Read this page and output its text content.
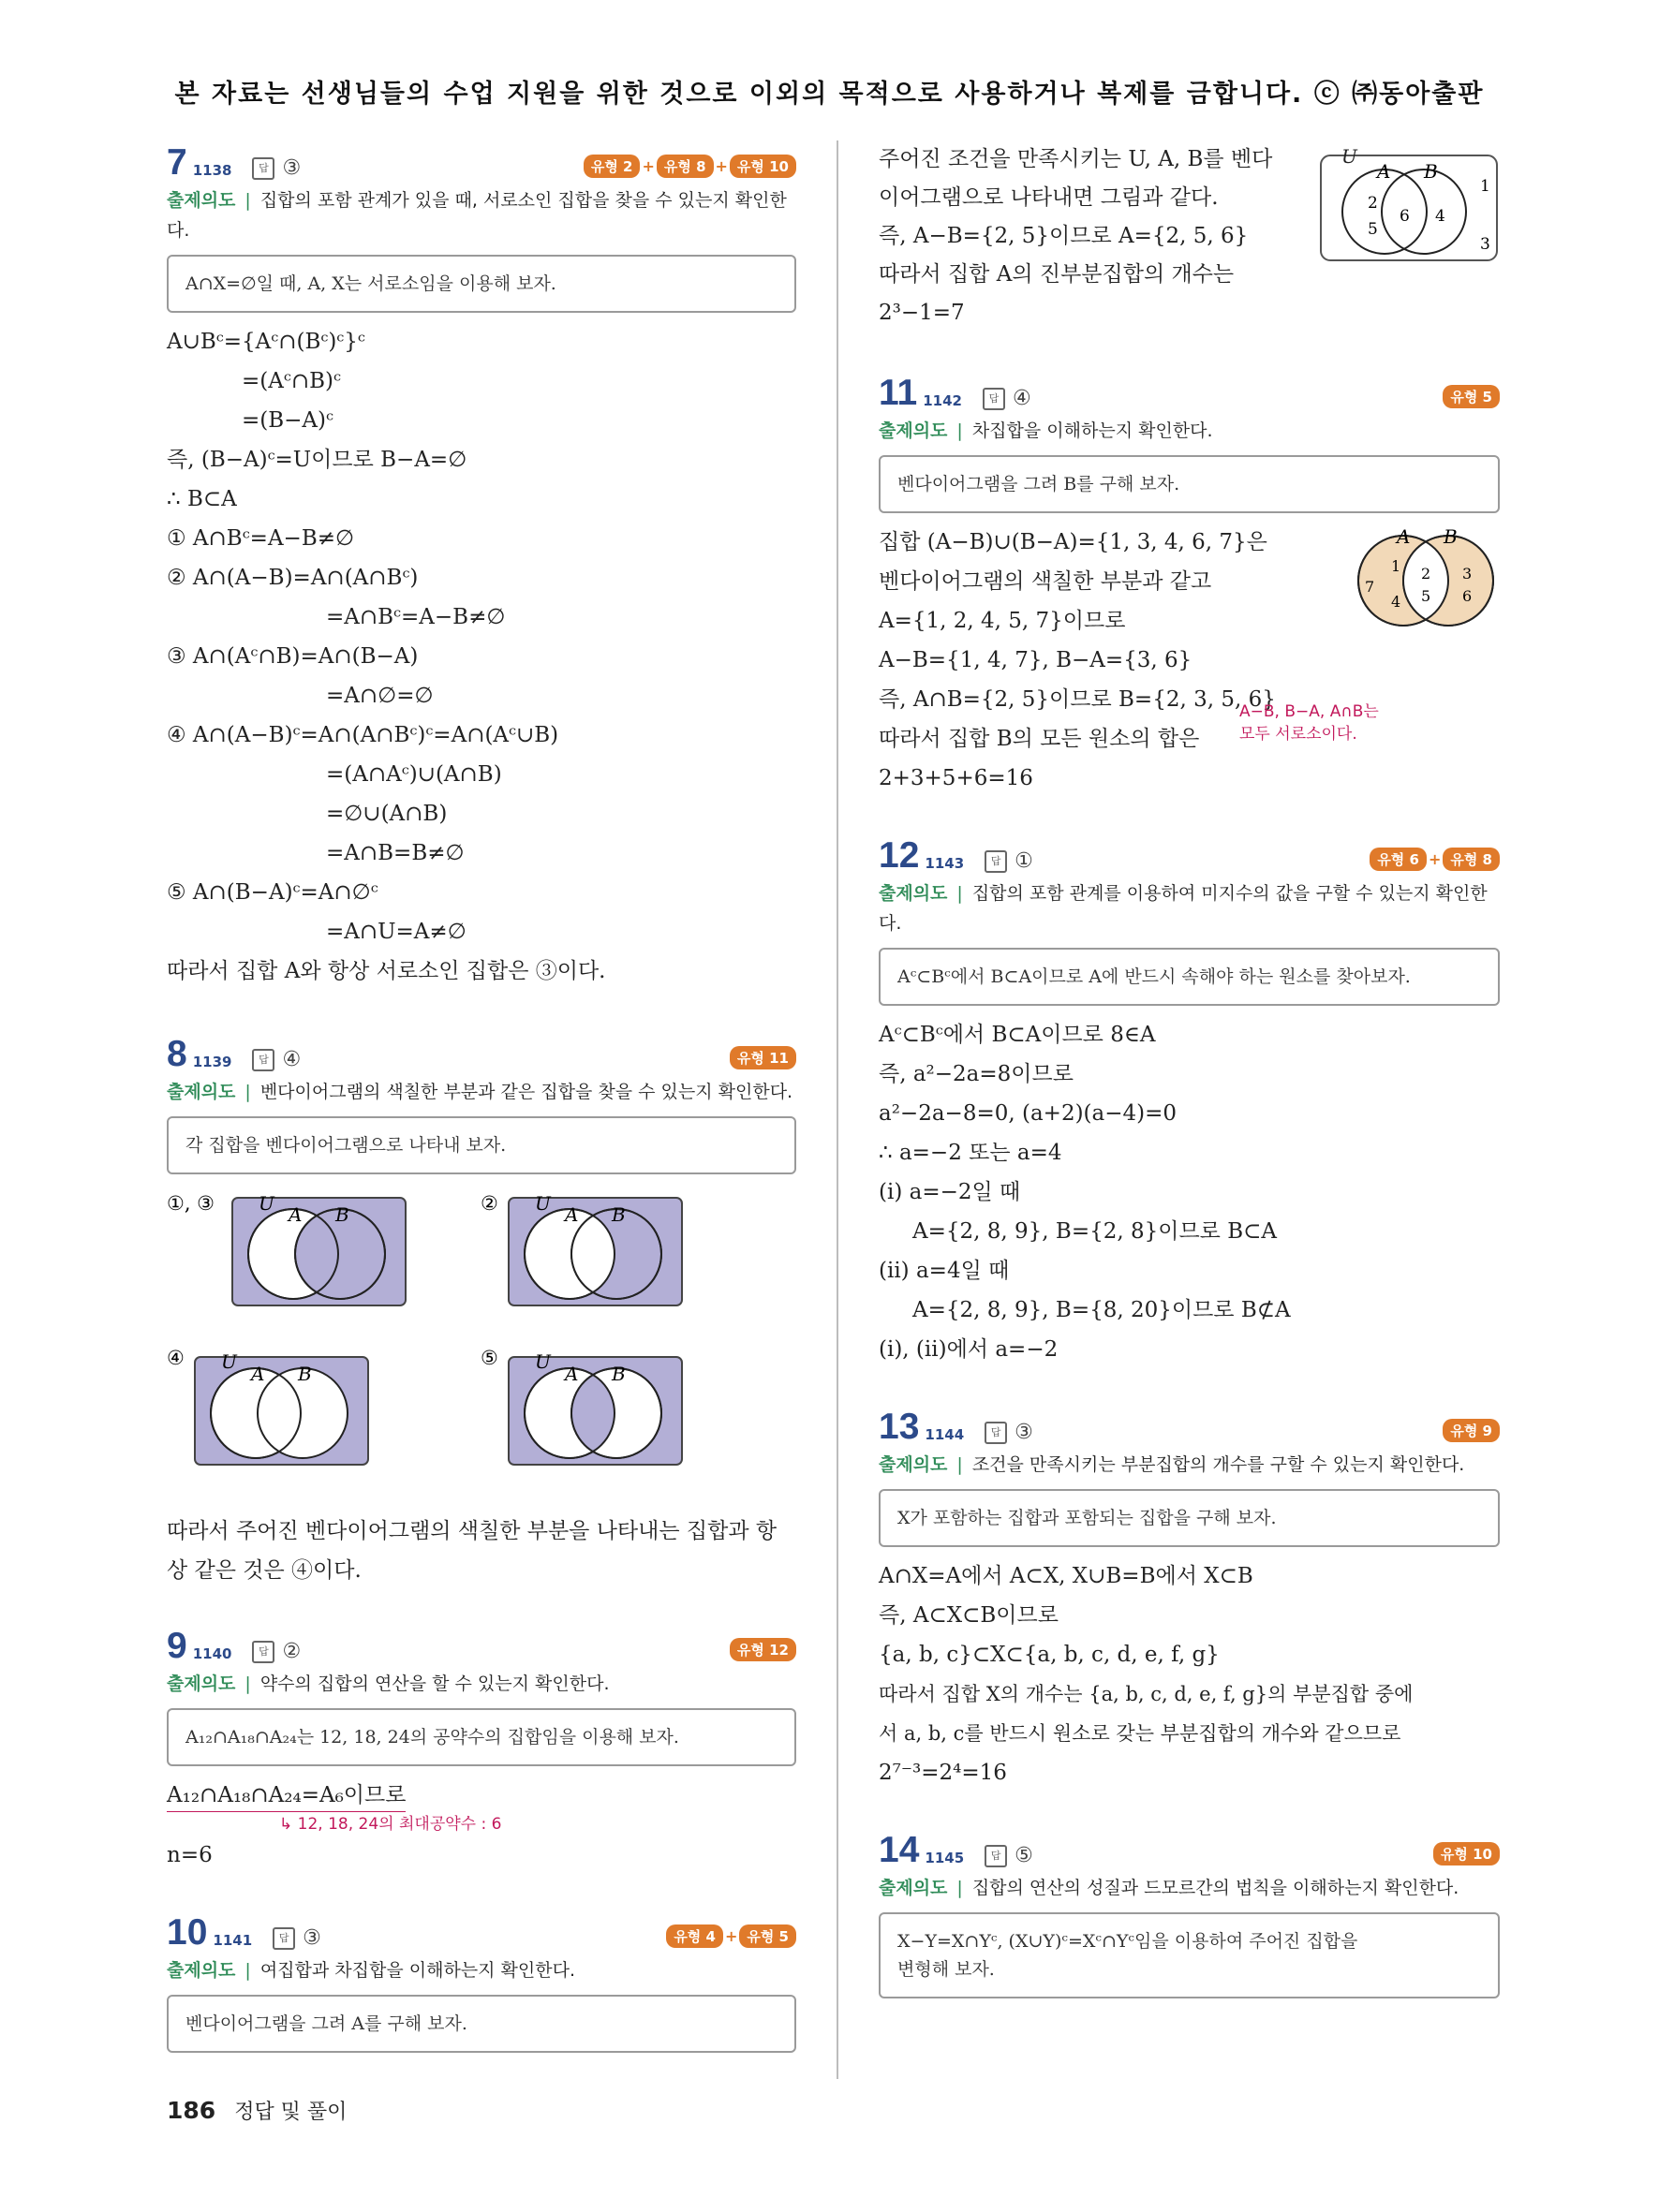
본 자료는 선생님들의 수업 지원을 위한 것으로 이외의 목적으로 사용하거나 복제를 금합니다. ⓒ ㈜동아출판
7 1138	답 ③	유형 2 + 유형 8 + 유형 10
출제의도 | 집합의 포함 관계가 있을 때, 서로소인 집합을 찾을 수 있는지 확인한다.
A∩X=∅일 때, A, X는 서로소임을 이용해 보자.
A∪Bᶜ={Aᶜ∩(Bᶜ)ᶜ}ᶜ
=(Aᶜ∩B)ᶜ
=(B−A)ᶜ
즉, (B−A)ᶜ=U이므로 B−A=∅
∴ B⊂A
① A∩Bᶜ=A−B≠∅
② A∩(A−B)=A∩(A∩Bᶜ)
=A∩Bᶜ=A−B≠∅
③ A∩(Aᶜ∩B)=A∩(B−A)
=A∩∅=∅
④ A∩(A−B)ᶜ=A∩(A∩Bᶜ)ᶜ=A∩(Aᶜ∪B)
=(A∩Aᶜ)∪(A∩B)
=∅∪(A∩B)
=A∩B=B≠∅
⑤ A∩(B−A)ᶜ=A∩∅ᶜ
=A∩U=A≠∅
따라서 집합 A와 항상 서로소인 집합은 ③이다.
8 1139	답 ④	유형 11
출제의도 | 벤다이어그램의 색칠한 부분과 같은 집합을 찾을 수 있는지 확인한다.
각 집합을 벤다이어그램으로 나타내 보자.
①, ③ U A B	② U A B
④ U
A B
⑤ U
A B
따라서 주어진 벤다이어그램의 색칠한 부분을 나타내는 집합과 항
상 같은 것은 ④이다.
9 1140	답 ②	유형 12
출제의도 | 약수의 집합의 연산을 할 수 있는지 확인한다.
A₁₂∩A₁₈∩A₂₄는 12, 18, 24의 공약수의 집합임을 이용해 보자.
A₁₂∩A₁₈∩A₂₄=A₆이므로
↳ 12, 18, 24의 최대공약수 : 6
n=6
10 1141	답 ③	유형 4 + 유형 5
출제의도 | 여집합과 차집합을 이해하는지 확인한다.
벤다이어그램을 그려 A를 구해 보자.
주어진 조건을 만족시키는 U, A, B를 벤다
이어그램으로 나타내면 그림과 같다.
즉, A−B={2, 5}이므로 A={2, 5, 6}
따라서 집합 A의 진부분집합의 개수는
2³−1=7
U
A B
2
5
6 4
1
3
11 1142	답 ④	유형 5
출제의도 | 차집합을 이해하는지 확인한다.
벤다이어그램을 그려 B를 구해 보자.
집합 (A−B)∪(B−A)={1, 3, 4, 6, 7}은
벤다이어그램의 색칠한 부분과 같고
A={1, 2, 4, 5, 7}이므로
A−B={1, 4, 7}, B−A={3, 6}
즉, A∩B={2, 5}이므로 B={2, 3, 5, 6}
따라서 집합 B의 모든 원소의 합은
2+3+5+6=16
A−B, B−A, A∩B는
모두 서로소이다.
A B
1
7
4
2
5
3
6
12 1143	답 ①	유형 6 + 유형 8
출제의도 | 집합의 포함 관계를 이용하여 미지수의 값을 구할 수 있는지 확인한다.
Aᶜ⊂Bᶜ에서 B⊂A이므로 A에 반드시 속해야 하는 원소를 찾아보자.
Aᶜ⊂Bᶜ에서 B⊂A이므로 8∈A
즉, a²−2a=8이므로
a²−2a−8=0, (a+2)(a−4)=0
∴ a=−2 또는 a=4
(ⅰ) a=−2일 때
A={2, 8, 9}, B={2, 8}이므로 B⊂A
(ⅱ) a=4일 때
A={2, 8, 9}, B={8, 20}이므로 B⊄A
(ⅰ), (ⅱ)에서 a=−2
13 1144	답 ③	유형 9
출제의도 | 조건을 만족시키는 부분집합의 개수를 구할 수 있는지 확인한다.
X가 포함하는 집합과 포함되는 집합을 구해 보자.
A∩X=A에서 A⊂X, X∪B=B에서 X⊂B
즉, A⊂X⊂B이므로
{a, b, c}⊂X⊂{a, b, c, d, e, f, g}
따라서 집합 X의 개수는 {a, b, c, d, e, f, g}의 부분집합 중에
서 a, b, c를 반드시 원소로 갖는 부분집합의 개수와 같으므로
2⁷⁻³=2⁴=16
14 1145	답 ⑤	유형 10
출제의도 | 집합의 연산의 성질과 드모르간의 법칙을 이해하는지 확인한다.
X−Y=X∩Yᶜ, (X∪Y)ᶜ=Xᶜ∩Yᶜ임을 이용하여 주어진 집합을
변형해 보자.
186 정답 및 풀이
